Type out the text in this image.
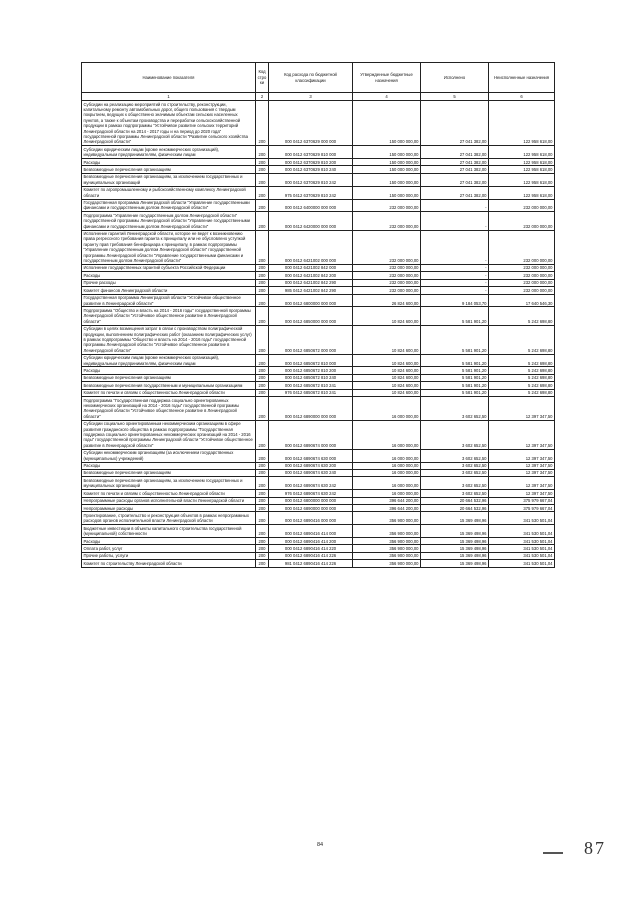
Наименование показателя	Код строки	Код расхода по бюджетной классификации	Утвержденные бюджетные назначения	Исполнено	Неисполненные назначения
1	2	3	4	5	6
Субсидии на реализацию мероприятий по строительству, реконструкции, капитальному ремонту автомобильных дорог, общего пользования с твердым покрытием, ведущих к общественно значимым объектам сельских населенных пунктов, а также к объектам производства и переработки сельскохозяйственной продукции в рамках подпрограммы "Устойчивое развитие сельских территорий Ленинградской области на 2014 - 2017 годы и на период до 2020 года" государственной программы Ленинградской области "Развитие сельского хозяйства Ленинградской области"	200	000 0412 6370629 000 000	150 000 000,00	27 041 382,00	122 958 618,00
Субсидии юридическим лицам (кроме некоммерческих организаций), индивидуальным предпринимателям, физическим лицам	200	000 0412 6370629 810 000	150 000 000,00	27 041 382,00	122 958 618,00
Расходы	200	000 0412 6370629 810 200	150 000 000,00	27 041 382,00	122 958 618,00
Безвозмездные перечисления организациям	200	000 0412 6370629 810 240	150 000 000,00	27 041 382,00	122 958 618,00
Безвозмездные перечисления организациям, за исключением государственных и муниципальных организаций	200	000 0412 6370629 810 242	150 000 000,00	27 041 382,00	122 958 618,00
Комитет по агропромышленному и рыбохозяйственному комплексу Ленинградской области	200	975 0412 6370629 810 242	150 000 000,00	27 041 382,00	122 958 618,00
Государственная программа Ленинградской области "Управление государственными финансами и государственным долгом Ленинградской области"	200	000 0412 6400000 000 000	232 000 000,00	-	232 000 000,00
Подпрограмма "Управление государственным долгом Ленинградской области" государственной программы Ленинградской области "Управление государственными финансами и государственным долгом Ленинградской области"	200	000 0412 6420000 000 000	232 000 000,00	-	232 000 000,00
Исполнение гарантий Ленинградской области, которое не ведет к возникновению права регрессного требования гаранта к принципалу или не обусловлено уступкой гаранту прав требования бенефициара к принципалу, в рамках подпрограммы "Управление государственным долгом Ленинградской области" государственной программы Ленинградской области "Управление государственными финансами и государственным долгом Ленинградской области"	200	000 0412 6421002 000 000	232 000 000,00	-	232 000 000,00
Исполнение государственных гарантий субъекта Российской Федерации	200	000 0412 6421002 842 000	232 000 000,00	-	232 000 000,00
Расходы	200	000 0412 6421002 842 200	232 000 000,00	-	232 000 000,00
Прочие расходы	200	000 0412 6421002 842 290	232 000 000,00	-	232 000 000,00
Комитет финансов Ленинградской области	200	985 0412 6421002 842 290	232 000 000,00	-	232 000 000,00
Государственная программа Ленинградской области "Устойчивое общественное развитие в Ленинградской области"	200	000 0412 6800000 000 000	26 824 600,00	9 184 053,70	17 640 546,30
Подпрограмма "Общество и власть на 2014 - 2016 годы" государственной программы Ленинградской области "Устойчивое общественное развитие в Ленинградской области"	200	000 0412 6850000 000 000	10 824 600,00	5 581 901,20	5 242 698,80
Субсидии в целях возмещения затрат в связи с производством полиграфической продукции, выполнением полиграфических работ (оказанием полиграфических услуг) в рамках подпрограммы "Общество и власть на 2014 - 2016 годы" государственной программы Ленинградской области "Устойчивое общественное развитие в Ленинградской области"	200	000 0412 6850672 000 000	10 824 600,00	5 581 901,20	5 242 698,80
Субсидии юридическим лицам (кроме некоммерческих организаций), индивидуальным предпринимателям, физическим лицам	200	000 0412 6850672 810 000	10 824 600,00	5 581 901,20	5 242 698,80
Расходы	200	000 0412 6850672 810 200	10 824 600,00	5 581 901,20	5 242 698,80
Безвозмездные перечисления организациям	200	000 0412 6850672 810 240	10 824 600,00	5 581 901,20	5 242 698,80
Безвозмездные перечисления государственным и муниципальным организациям	200	000 0412 6850672 810 241	10 824 600,00	5 581 901,20	5 242 698,80
Комитет по печати и связям с общественностью Ленинградской области	200	976 0412 6850672 810 241	10 824 600,00	5 581 901,20	5 242 698,80
Подпрограмма "Государственная поддержка социально ориентированных некоммерческих организаций на 2014 - 2016 годы" государственной программы Ленинградской области "Устойчивое общественное развитие в Ленинградской области"	200	000 0412 6890000 000 000	16 000 000,00	3 602 652,50	12 397 347,50
Субсидии социально ориентированным некоммерческим организациям в сфере развития гражданского общества в рамках подпрограммы "Государственная поддержка социально ориентированных некоммерческих организаций на 2014 - 2016 годы" государственной программы Ленинградской области "Устойчивое общественное развитие в Ленинградской области"	200	000 0412 6890674 000 000	16 000 000,00	3 602 652,50	12 397 347,50
Субсидии некоммерческим организациям (за исключением государственных (муниципальных) учреждений)	200	000 0412 6890674 630 000	16 000 000,00	3 602 652,50	12 397 347,50
Расходы	200	000 0412 6890674 630 200	16 000 000,00	3 602 652,50	12 397 347,50
Безвозмездные перечисления организациям	200	000 0412 6890674 630 240	16 000 000,00	3 602 652,50	12 397 347,50
Безвозмездные перечисления организациям, за исключением государственных и муниципальных организаций	200	000 0412 6890674 630 242	16 000 000,00	3 602 652,50	12 397 347,50
Комитет по печати и связям с общественностью Ленинградской области	200	976 0412 6890674 630 242	16 000 000,00	3 602 652,50	12 397 347,50
Непрограммные расходы органов исполнительной власти Ленинградской области	200	000 0412 6800000 000 000	396 644 200,00	20 664 532,96	375 979 667,04
Непрограммные расходы	200	000 0412 6890000 000 000	396 644 200,00	20 664 532,96	375 979 667,04
Проектирование, строительство и реконструкция объектов в рамках непрограммных расходов органов исполнительной власти Ленинградской области	200	000 0412 6890416 000 000	356 900 000,00	15 369 498,96	341 530 501,04
Бюджетные инвестиции в объекты капитального строительства государственной (муниципальной) собственности	200	000 0412 6890416 414 000	356 900 000,00	15 369 498,96	341 530 501,04
Расходы	200	000 0412 6890416 414 200	356 900 000,00	15 369 498,96	341 530 501,04
Оплата работ, услуг	200	000 0412 6890416 414 220	356 900 000,00	15 369 498,96	341 530 501,04
Прочие работы, услуги	200	000 0412 6890416 414 226	356 900 000,00	15 369 498,96	341 530 501,04
Комитет по строительству Ленинградской области	200	981 0412 6890416 414 226	356 900 000,00	15 369 498,96	341 530 501,04
84	87
